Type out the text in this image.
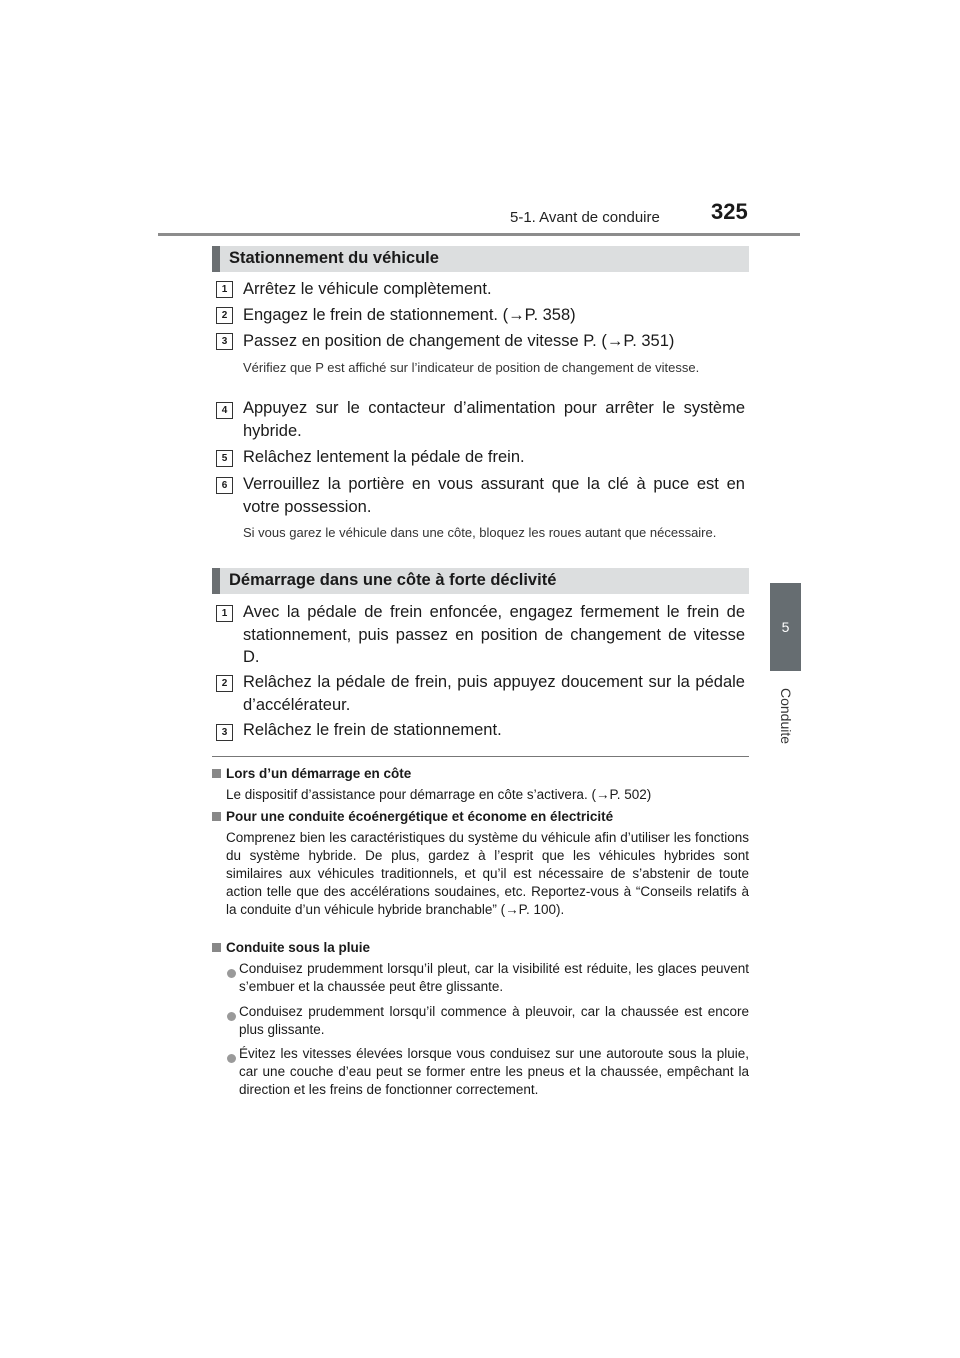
5-1. Avant de conduire 325
5
Conduite
Stationnement du véhicule
1 Arrêtez le véhicule complètement.
2 Engagez le frein de stationnement. (→P. 358)
3 Passez en position de changement de vitesse P. (→P. 351)
Vérifiez que P est affiché sur l’indicateur de position de changement de vitesse.
4 Appuyez sur le contacteur d’alimentation pour arrêter le système hybride.
5 Relâchez lentement la pédale de frein.
6 Verrouillez la portière en vous assurant que la clé à puce est en votre possession.
Si vous garez le véhicule dans une côte, bloquez les roues autant que nécessaire.
Démarrage dans une côte à forte déclivité
1 Avec la pédale de frein enfoncée, engagez fermement le frein de stationnement, puis passez en position de changement de vitesse D.
2 Relâchez la pédale de frein, puis appuyez doucement sur la pédale d’accélérateur.
3 Relâchez le frein de stationnement.
Lors d’un démarrage en côte
Le dispositif d’assistance pour démarrage en côte s’activera. (→P. 502)
Pour une conduite écoénergétique et économe en électricité
Comprenez bien les caractéristiques du système du véhicule afin d’utiliser les fonctions du système hybride. De plus, gardez à l’esprit que les véhicules hybrides sont similaires aux véhicules traditionnels, et qu’il est nécessaire de s’abstenir de toute action telle que des accélérations soudaines, etc. Reportez-vous à “Conseils relatifs à la conduite d’un véhicule hybride branchable” (→P. 100).
Conduite sous la pluie
Conduisez prudemment lorsqu’il pleut, car la visibilité est réduite, les glaces peuvent s’embuer et la chaussée peut être glissante.
Conduisez prudemment lorsqu’il commence à pleuvoir, car la chaussée est encore plus glissante.
Évitez les vitesses élevées lorsque vous conduisez sur une autoroute sous la pluie, car une couche d’eau peut se former entre les pneus et la chaussée, empêchant la direction et les freins de fonctionner correctement.
